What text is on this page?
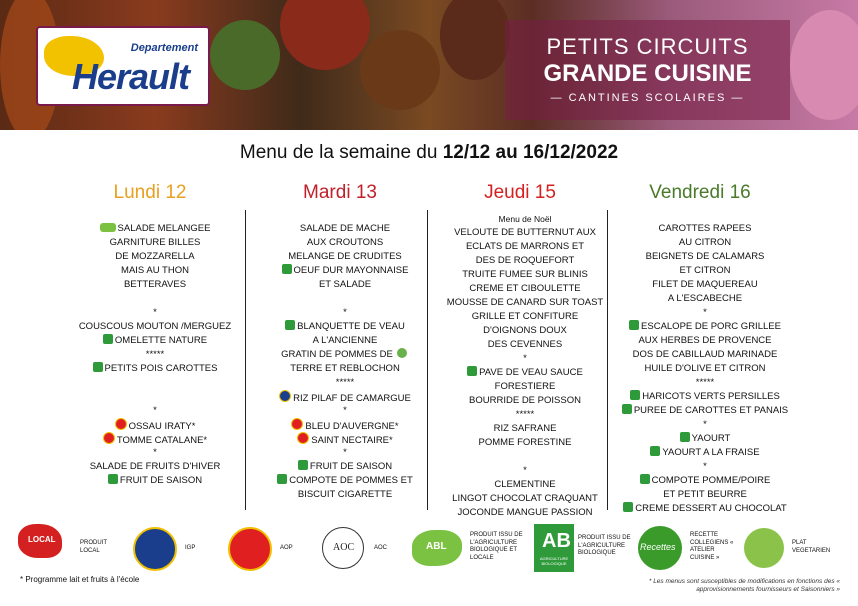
Departement
Herault
PETITS CIRCUITS
GRANDE CUISINE
— CANTINES SCOLAIRES —
Menu de la semaine du 12/12 au 16/12/2022
Lundi 12
SALADE MELANGEE
GARNITURE BILLES
DE MOZZARELLA
MAIS AU THON
BETTERAVES
*
COUSCOUS MOUTON /MERGUEZ
OMELETTE NATURE
*****
PETITS POIS CAROTTES
*
OSSAU IRATY*
TOMME CATALANE*
*
SALADE DE FRUITS D'HIVER
FRUIT DE SAISON
Mardi 13
SALADE DE MACHE
AUX CROUTONS
MELANGE DE CRUDITES
OEUF DUR MAYONNAISE
ET SALADE
*
BLANQUETTE DE VEAU
A L'ANCIENNE
GRATIN DE POMMES DE
TERRE ET REBLOCHON
*****
RIZ PILAF DE CAMARGUE
*
BLEU D'AUVERGNE*
SAINT NECTAIRE*
*
FRUIT DE SAISON
COMPOTE DE POMMES ET
BISCUIT CIGARETTE
Jeudi 15
Menu de Noël
VELOUTE DE BUTTERNUT AUX
ECLATS DE MARRONS ET
DES DE ROQUEFORT
TRUITE FUMEE SUR BLINIS
CREME ET CIBOULETTE
MOUSSE DE CANARD SUR TOAST
GRILLE ET CONFITURE
D'OIGNONS DOUX
DES CEVENNES
*
PAVE DE VEAU SAUCE
FORESTIERE
BOURRIDE DE POISSON
*****
RIZ SAFRANE
POMME FORESTINE
*
CLEMENTINE
LINGOT CHOCOLAT CRAQUANT
JOCONDE MANGUE PASSION
Vendredi 16
CAROTTES RAPEES
AU CITRON
BEIGNETS DE CALAMARS
ET CITRON
FILET DE MAQUEREAU
A L'ESCABECHE
*
ESCALOPE DE PORC GRILLEE
AUX HERBES DE PROVENCE
DOS DE CABILLAUD MARINADE
HUILE D'OLIVE ET CITRON
*****
HARICOTS VERTS PERSILLES
PUREE DE CAROTTES ET PANAIS
*
YAOURT
YAOURT A LA FRAISE
*
COMPOTE POMME/POIRE
ET PETIT BEURRE
CREME DESSERT AU CHOCOLAT
LOCAL	PRODUIT LOCAL	IGP	AOP	AOC	AOC	ABL
PRODUIT ISSU DE L'AGRICULTURE BIOLOGIQUE ET LOCALE
AB
AGRICULTURE BIOLOGIQUE
PRODUIT ISSU DE L'AGRICULTURE BIOLOGIQUE
Recettes
RECETTE COLLEGIENS « ATELIER CUISINE »
PLAT VEGETARIEN
* Programme lait et fruits à l'école	* Les menus sont susceptibles de modifications en fonctions des « approvisionnements fournisseurs et Saisonniers »
